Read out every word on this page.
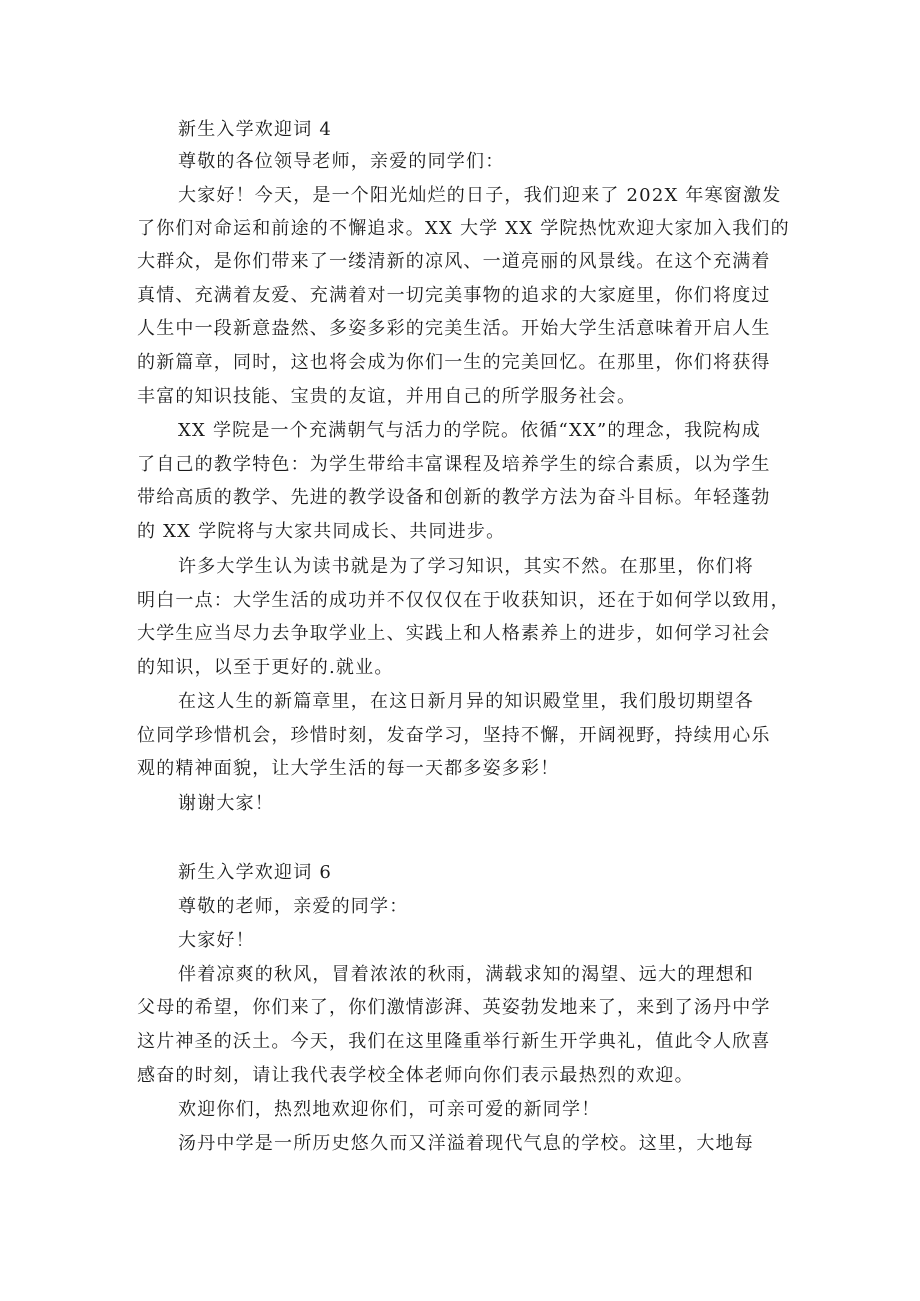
新生入学欢迎词 4

尊敬的各位领导老师，亲爱的同学们：

大家好！今天，是一个阳光灿烂的日子，我们迎来了 202X 年寒窗激发

了你们对命运和前途的不懈追求。XX 大学 XX 学院热忱欢迎大家加入我们的

大群众，是你们带来了一缕清新的凉风、一道亮丽的风景线。在这个充满着

真情、充满着友爱、充满着对一切完美事物的追求的大家庭里，你们将度过

人生中一段新意盎然、多姿多彩的完美生活。开始大学生活意味着开启人生

的新篇章，同时，这也将会成为你们一生的完美回忆。在那里，你们将获得

丰富的知识技能、宝贵的友谊，并用自己的所学服务社会。

XX 学院是一个充满朝气与活力的学院。依循“XX”的理念，我院构成

了自己的教学特色：为学生带给丰富课程及培养学生的综合素质，以为学生

带给高质的教学、先进的教学设备和创新的教学方法为奋斗目标。年轻蓬勃

的 XX 学院将与大家共同成长、共同进步。

许多大学生认为读书就是为了学习知识，其实不然。在那里，你们将

明白一点：大学生活的成功并不仅仅仅在于收获知识，还在于如何学以致用，

大学生应当尽力去争取学业上、实践上和人格素养上的进步，如何学习社会

的知识，以至于更好的.就业。

在这人生的新篇章里，在这日新月异的知识殿堂里，我们殷切期望各

位同学珍惜机会，珍惜时刻，发奋学习，坚持不懈，开阔视野，持续用心乐

观的精神面貌，让大学生活的每一天都多姿多彩！

谢谢大家！

新生入学欢迎词 6

尊敬的老师，亲爱的同学：

大家好！

伴着凉爽的秋风，冒着浓浓的秋雨，满载求知的渴望、远大的理想和

父母的希望，你们来了，你们激情澎湃、英姿勃发地来了，来到了汤丹中学

这片神圣的沃土。今天，我们在这里隆重举行新生开学典礼，值此令人欣喜

感奋的时刻，请让我代表学校全体老师向你们表示最热烈的欢迎。

欢迎你们，热烈地欢迎你们，可亲可爱的新同学！

汤丹中学是一所历史悠久而又洋溢着现代气息的学校。这里，大地每
